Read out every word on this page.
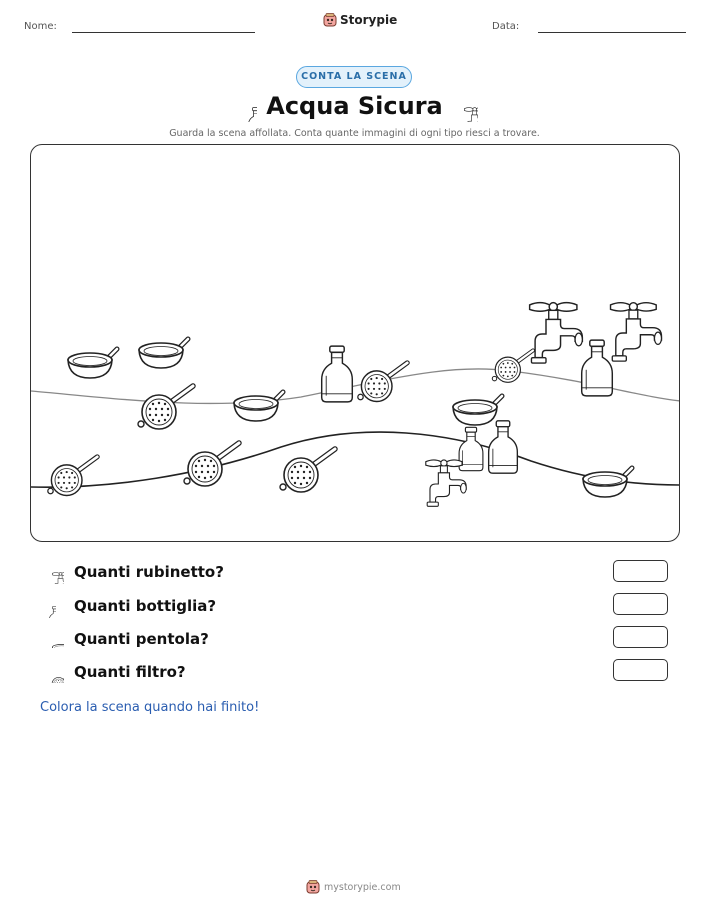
Nome:	Storypie	Data:
CONTA LA SCENA
Acqua Sicura
Guarda la scena affollata. Conta quante immagini di ogni tipo riesci a trovare.
Quanti rubinetto?
Quanti bottiglia?
Quanti pentola?
Quanti filtro?
Colora la scena quando hai finito!
mystorypie.com
